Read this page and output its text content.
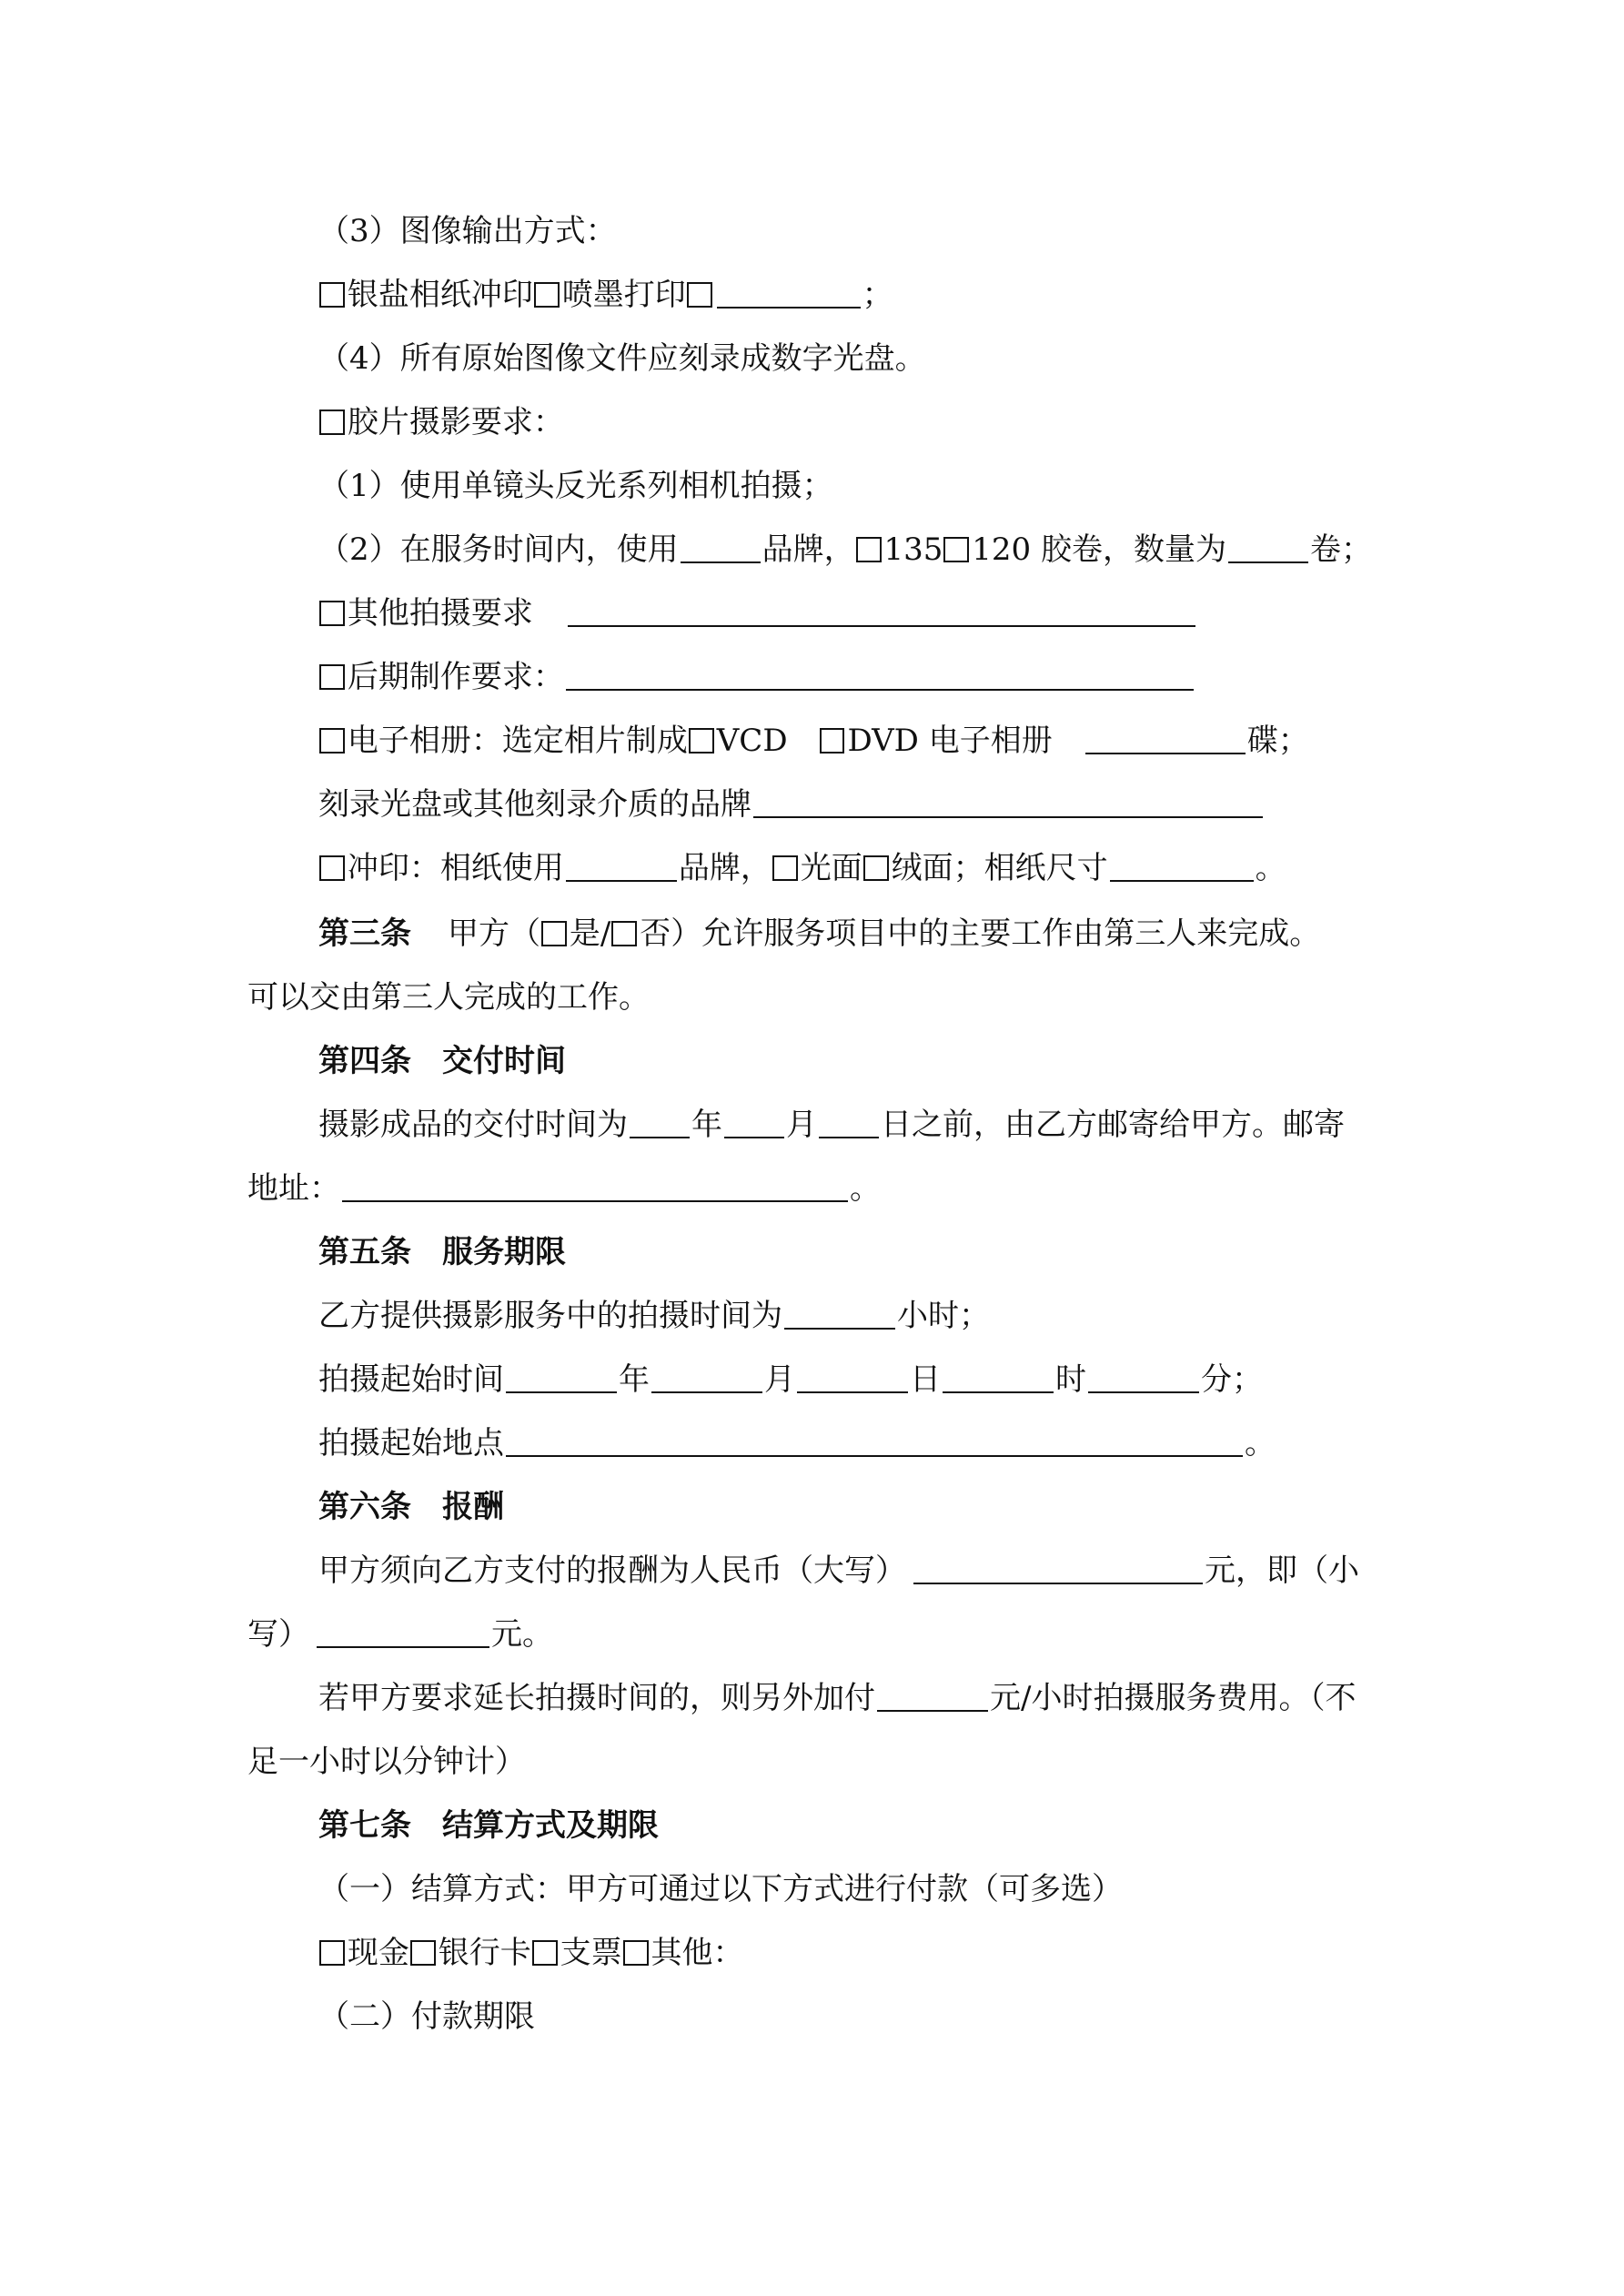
（3）图像输出方式：
银盐相纸冲印 喷墨打印	；
（4）所有原始图像文件应刻录成数字光盘。
胶片摄影要求：
（1）使用单镜头反光系列相机拍摄；
（2）在服务时间内，使用	品牌， 135 120 胶卷，数量为	卷；
其他拍摄要求
后期制作要求：
电子相册：选定相片制成 VCD DVD 电子相册	碟；
刻录光盘或其他刻录介质的品牌
冲印：相纸使用	品牌， 光面 绒面；相纸尺寸	。
第三条 甲方（ 是/ 否）允许服务项目中的主要工作由第三人来完成。
可以交由第三人完成的工作。
第四条　交付时间
摄影成品的交付时间为 年 月 日之前，由乙方邮寄给甲方。邮寄
地址：	。
第五条　服务期限
乙方提供摄影服务中的拍摄时间为	小时；
拍摄起始时间	年	月	日	时	分；
拍摄起始地点	。
第六条　报酬
甲方须向乙方支付的报酬为人民币（大写）	元，即（小
写）	元。
若甲方要求延长拍摄时间的，则另外加付	元/小时拍摄服务费用。（不
足一小时以分钟计）
第七条　结算方式及期限
（一）结算方式：甲方可通过以下方式进行付款（可多选）
现金 银行卡 支票 其他：
（二）付款期限
